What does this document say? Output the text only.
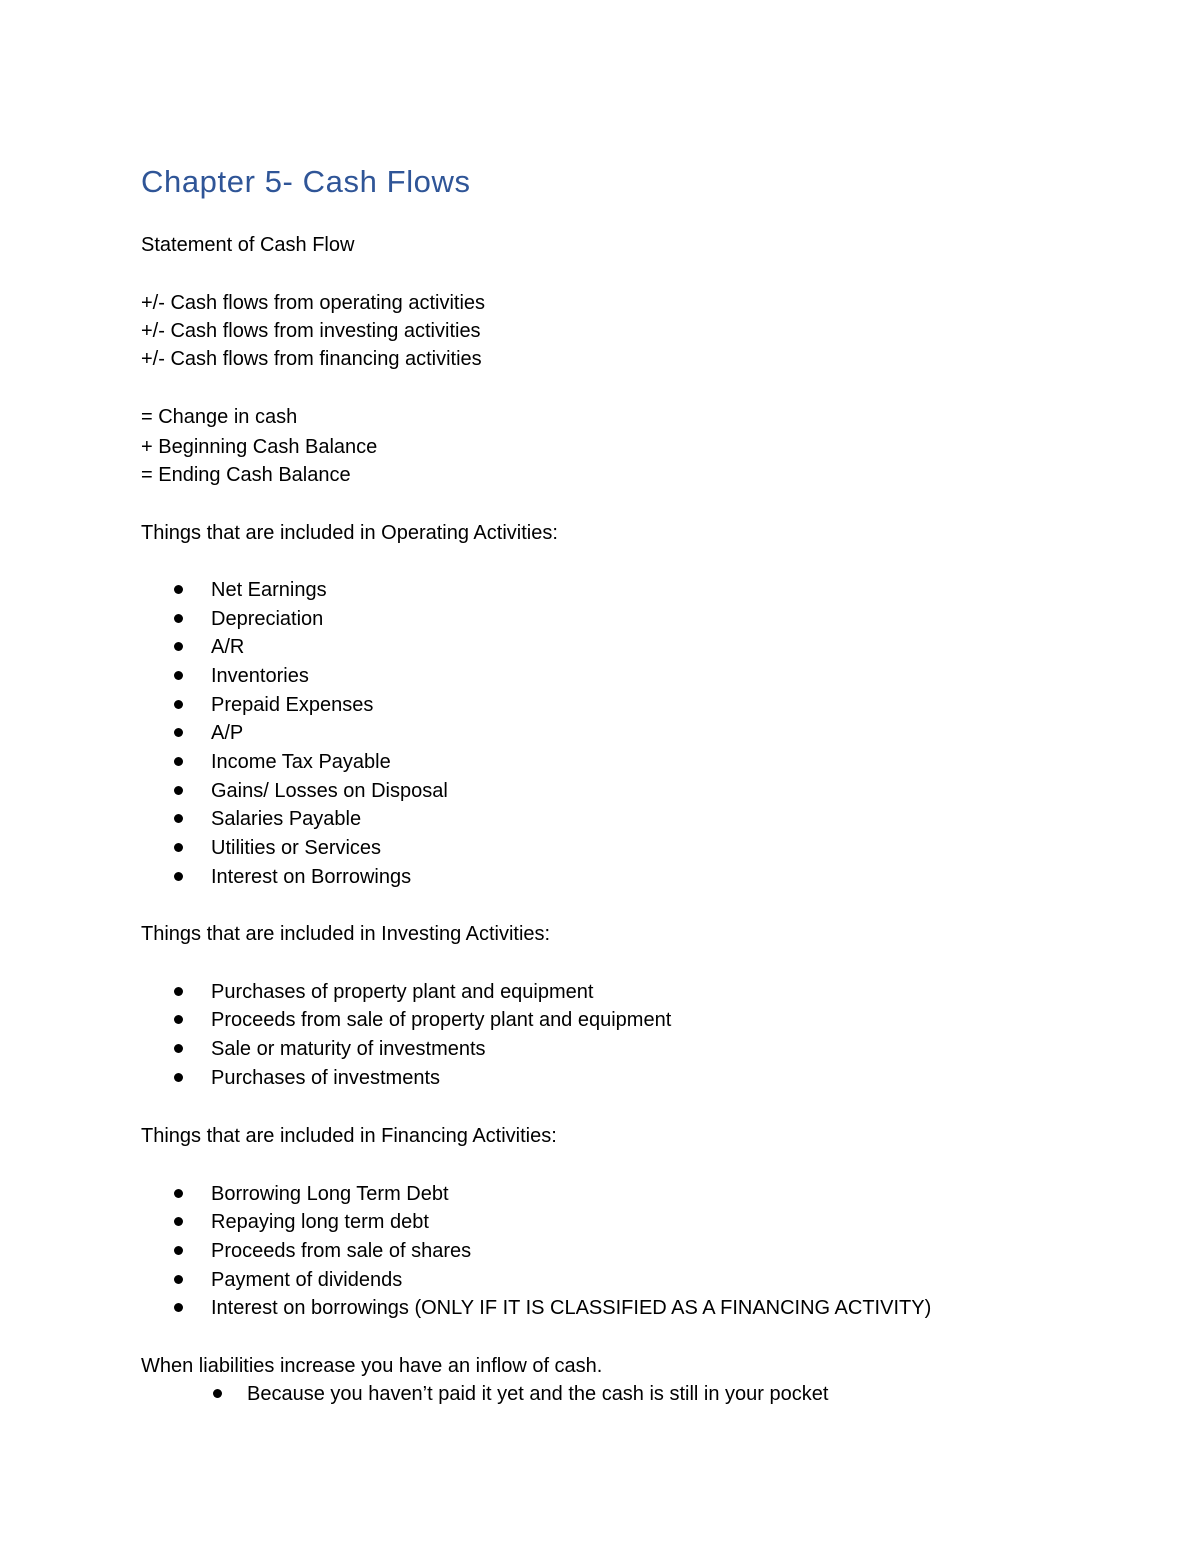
Chapter 5- Cash Flows
Statement of Cash Flow
+/- Cash flows from operating activities
+/- Cash flows from investing activities
+/- Cash flows from financing activities
= Change in cash
+ Beginning Cash Balance
= Ending Cash Balance
Things that are included in Operating Activities:
Net Earnings
Depreciation
A/R
Inventories
Prepaid Expenses
A/P
Income Tax Payable
Gains/ Losses on Disposal
Salaries Payable
Utilities or Services
Interest on Borrowings
Things that are included in Investing Activities:
Purchases of property plant and equipment
Proceeds from sale of property plant and equipment
Sale or maturity of investments
Purchases of investments
Things that are included in Financing Activities:
Borrowing Long Term Debt
Repaying long term debt
Proceeds from sale of shares
Payment of dividends
Interest on borrowings (ONLY IF IT IS CLASSIFIED AS A FINANCING ACTIVITY)
When liabilities increase you have an inflow of cash.
Because you haven’t paid it yet and the cash is still in your pocket
